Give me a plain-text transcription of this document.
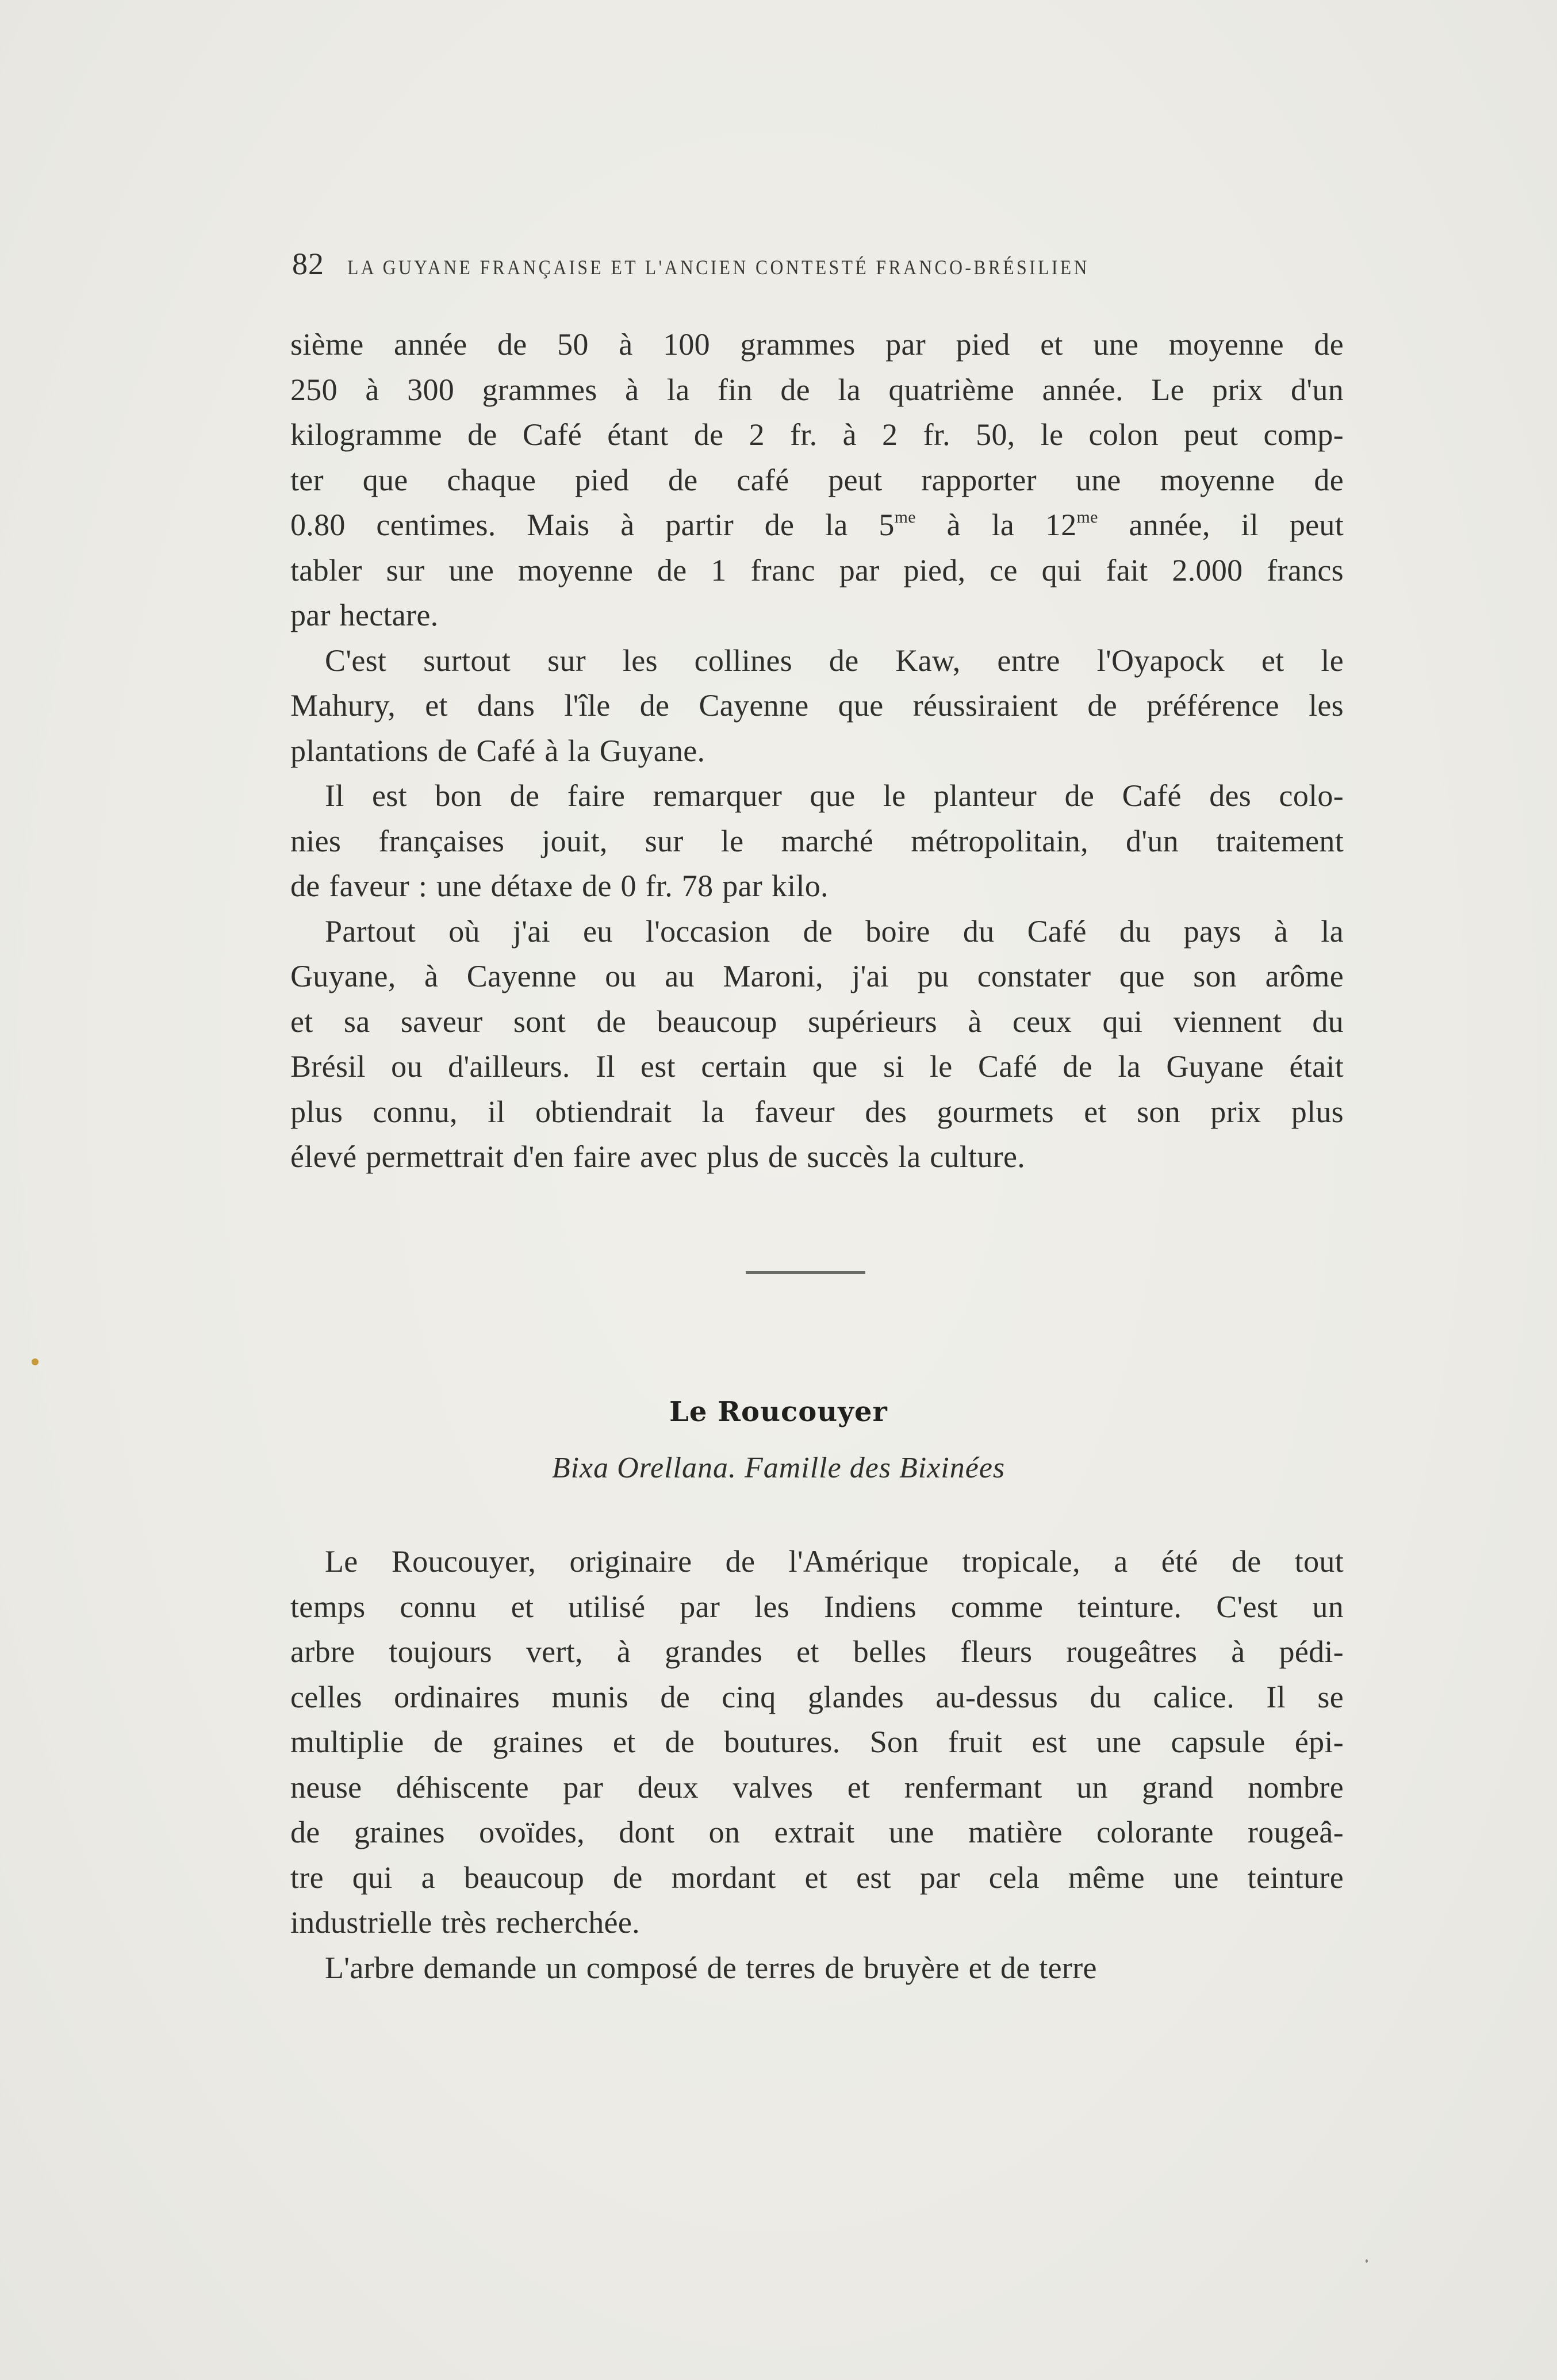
82 LA GUYANE FRANÇAISE ET L'ANCIEN CONTESTÉ FRANCO-BRÉSILIEN

sième année de 50 à 100 grammes par pied et une moyenne de
250 à 300 grammes à la fin de la quatrième année. Le prix d'un
kilogramme de Café étant de 2 fr. à 2 fr. 50, le colon peut comp-
ter que chaque pied de café peut rapporter une moyenne de
0.80 centimes. Mais à partir de la $5^{me}$ à la $12^{me}$ année, il peut
tabler sur une moyenne de 1 franc par pied, ce qui fait 2.000 francs
par hectare.

C'est surtout sur les collines de Kaw, entre l'Oyapock et le
Mahury, et dans l'île de Cayenne que réussiraient de préférence les
plantations de Café à la Guyane.

Il est bon de faire remarquer que le planteur de Café des colo-
nies françaises jouit, sur le marché métropolitain, d'un traitement
de faveur : une détaxe de 0 fr. 78 par kilo.

Partout où j'ai eu l'occasion de boire du Café du pays à la
Guyane, à Cayenne ou au Maroni, j'ai pu constater que son arôme
et sa saveur sont de beaucoup supérieurs à ceux qui viennent du
Brésil ou d'ailleurs. Il est certain que si le Café de la Guyane était
plus connu, il obtiendrait la faveur des gourmets et son prix plus
élevé permettrait d'en faire avec plus de succès la culture.

Le Roucouyer
Bixa Orellana. Famille des Bixinées

Le Roucouyer, originaire de l'Amérique tropicale, a été de tout
temps connu et utilisé par les Indiens comme teinture. C'est un
arbre toujours vert, à grandes et belles fleurs rougeâtres à pédi-
celles ordinaires munis de cinq glandes au-dessus du calice. Il se
multiplie de graines et de boutures. Son fruit est une capsule épi-
neuse déhiscente par deux valves et renfermant un grand nombre
de graines ovoïdes, dont on extrait une matière colorante rougeâ-
tre qui a beaucoup de mordant et est par cela même une teinture
industrielle très recherchée.

L'arbre demande un composé de terres de bruyère et de terre
